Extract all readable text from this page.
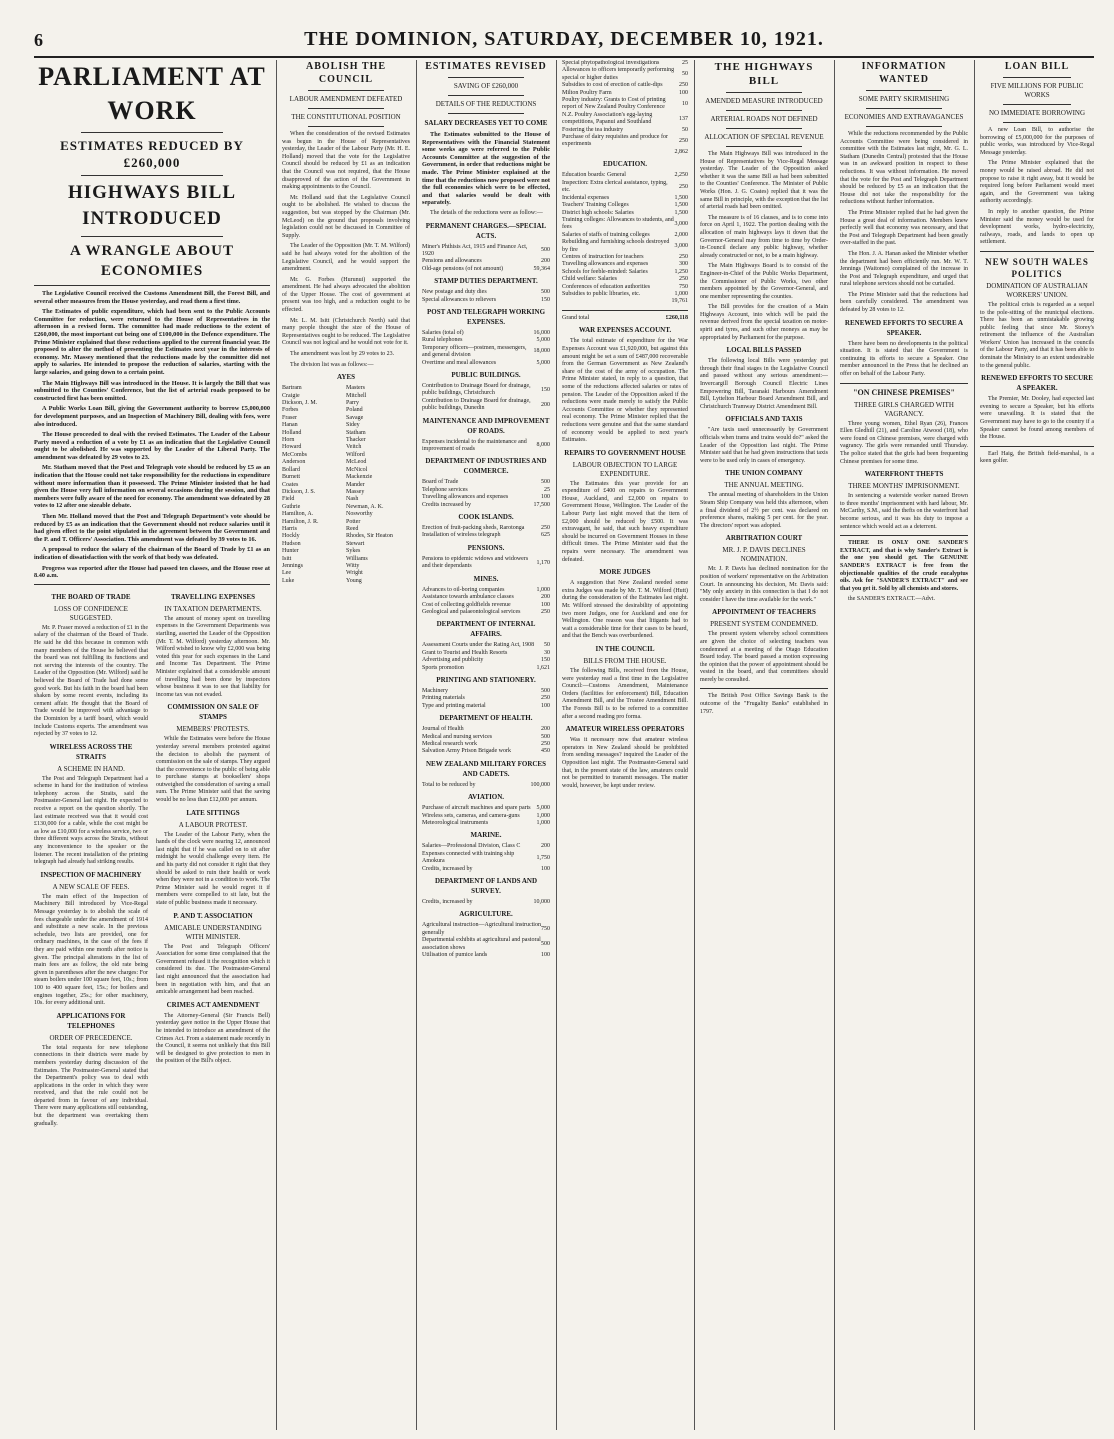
6	THE DOMINION, SATURDAY, DECEMBER 10, 1921.
PARLIAMENT AT WORK
ESTIMATES REDUCED BY £260,000
HIGHWAYS BILL INTRODUCED
A WRANGLE ABOUT ECONOMIES

The Legislative Council received the Customs Amendment Bill, the Forest Bill, and several other measures from the House yesterday, and read them a first time.

The Estimates of public expenditure, which had been sent to the Public Accounts Committee for reduction, were returned to the House of Representatives in the afternoon in a revised form. The committee had made reductions to the extent of £260,000, the most important cut being one of £100,000 in the Defence expenditure. The Prime Minister explained that these reductions applied to the current financial year. He proposed to alter the method of presenting the Estimates next year in the interests of economy. Mr. Massey mentioned that the reductions made by the committee did not apply to salaries. He intended to propose the reduction of salaries, starting with the large salaries, and going down to a certain point.

The Main Highways Bill was introduced in the House. It is largely the Bill that was submitted to the Counties' Conference, but the list of arterial roads proposed to be constructed first has been omitted.

A Public Works Loan Bill, giving the Government authority to borrow £5,000,000 for development purposes, and an Inspection of Machinery Bill, dealing with fees, were also introduced.

The House proceeded to deal with the revised Estimates. The Leader of the Labour Party moved a reduction of a vote by £1 as an indication that the Legislative Council ought to be abolished. He was supported by the Leader of the Liberal Party. The amendment was defeated by 29 votes to 23.

Mr. Statham moved that the Post and Telegraph vote should be reduced by £5 as an indication that the House could not take responsibility for the reductions in expenditure without more information than it possessed. The Prime Minister insisted that he had given the House very full information on several occasions during the session, and that members were fully aware of the need for economy. The amendment was defeated by 28 votes to 12 after one sizeable debate.

Then Mr. Holland moved that the Post and Telegraph Department's vote should be reduced by £5 as an indication that the Government should not reduce salaries until it had given effect to the point stipulated in the agreement between the Government and the P. and T. Officers' Association. This amendment was defeated by 39 votes to 16.

A proposal to reduce the salary of the chairman of the Board of Trade by £1 as an indication of dissatisfaction with the work of that body was defeated.

Progress was reported after the House had passed ten classes, and the House rose at 8.40 a.m.

THE BOARD OF TRADE
LOSS OF CONFIDENCE SUGGESTED.

Mr. P. Fraser moved a reduction of £1 in the salary of the chairman of the Board of Trade. He said he did this because in common with many members of the House he believed that the board was not fulfilling its functions and not serving the interests of the country. The Leader of the Opposition (Mr. Wilford) said he believed the Board of Trade had done some good work. But his faith in the board had been shaken by some recent events, including its cement affair. He thought that the Board of Trade would be improved with advantage to the Dominion by a tariff board, which would include Customs experts. The amendment was rejected by 37 votes to 12.

WIRELESS ACROSS THE STRAITS
A SCHEME IN HAND.

The Post and Telegraph Department had a scheme in hand for the institution of wireless telephony across the Straits, said the Postmaster-General last night. He expected to receive a report on the question shortly. The last estimate received was that it would cost £130,000 for a cable, while the cost might be as low as £10,000 for a wireless service, two or three different ways across the Straits, without any inconvenience to the speaker or the listener. The recent installation of the printing telegraph had already had striking results.

INSPECTION OF MACHINERY
A NEW SCALE OF FEES.

The main effect of the Inspection of Machinery Bill introduced by Vice-Regal Message yesterday is to abolish the scale of fees chargeable under the amendment of 1914 and substitute a new scale. In the previous schedule, two lists are provided, one for ordinary machines, in the case of the fees if they are paid within one month after notice is given. The principal alterations in the list of main fees are as follow, the old rate being given in parentheses after the new charges: For steam boilers under 100 square feet, 10s.; from 100 to 400 square feet, 15s.; for boilers and engines together, 25s.; for other machinery, 10s. for every additional unit.

APPLICATIONS FOR TELEPHONES
ORDER OF PRECEDENCE.

The total requests for new telephone connections in their districts were made by members yesterday during discussion of the Estimates. The Postmaster-General stated that the Department's policy was to deal with applications in the order in which they were received, and that the rule could not be departed from in favour of any individual. There were many applications still outstanding, but the department was overtaking them gradually.

TRAVELLING EXPENSES
IN TAXATION DEPARTMENTS.

The amount of money spent on travelling expenses in the Government Departments was startling, asserted the Leader of the Opposition (Mr. T. M. Wilford) yesterday afternoon. Mr. Wilford wished to know why £2,000 was being voted this year for such expenses in the Land and Income Tax Department. The Prime Minister explained that a considerable amount of travelling had been done by inspectors whose business it was to see that liability for income tax was not evaded.

COMMISSION ON SALE OF STAMPS
MEMBERS' PROTESTS.

While the Estimates were before the House yesterday several members protested against the decision to abolish the payment of commission on the sale of stamps. They argued that the convenience to the public of being able to purchase stamps at booksellers' shops outweighed the consideration of saving a small sum. The Prime Minister said that the saving would be no less than £12,000 per annum.

LATE SITTINGS
A LABOUR PROTEST.

The Leader of the Labour Party, when the hands of the clock were nearing 12, announced last night that if he was called on to sit after midnight he would challenge every item. He and his party did not consider it right that they should be asked to ruin their health or work when they were not in a condition to work. The Prime Minister said he would regret it if members were compelled to sit late, but the state of public business made it necessary.

P. AND T. ASSOCIATION
AMICABLE UNDERSTANDING WITH MINISTER.

The Post and Telegraph Officers' Association for some time complained that the Government refused it the recognition which it considered its due. The Postmaster-General last night announced that the association had been in negotiation with him, and that an amicable arrangement had been reached.

CRIMES ACT AMENDMENT

The Attorney-General (Sir Francis Bell) yesterday gave notice in the Upper House that he intended to introduce an amendment of the Crimes Act. From a statement made recently in the Council, it seems not unlikely that this Bill will be designed to give protection to men in the position of the Bill's object.

ABOLISH THE COUNCIL
LABOUR AMENDMENT DEFEATED
THE CONSTITUTIONAL POSITION

When the consideration of the revised Estimates was begun in the House of Representatives yesterday, the Leader of the Labour Party (Mr. H. E. Holland) moved that the vote for the Legislative Council should be reduced by £1 as an indication that the Council was not required, that the House disapproved of the action of the Government in making appointments to the Council.

Mr. Holland said that the Legislative Council ought to be abolished. He wished to discuss the suggestion, but was stopped by the Chairman (Mr. McLeod) on the ground that proposals involving legislation could not be discussed in Committee of Supply.

The Leader of the Opposition (Mr. T. M. Wilford) said he had always voted for the abolition of the Legislative Council, and he would support the amendment.

Mr. G. Forbes (Hurunui) supported the amendment. He had always advocated the abolition of the Upper House. The cost of government at present was too high, and a reduction ought to be effected.

Mr. L. M. Isitt (Christchurch North) said that many people thought the size of the House of Representatives ought to be reduced. The Legislative Council was not logical and he would not vote for it.

The amendment was lost by 29 votes to 23.

The division list was as follows:—

AYES
Bartram	Masters
Craigie	Mitchell
Dickson, J. M.	Parry
Forbes	Poland
Fraser	Savage
Hanan	Sidey
Holland	Statham
Horn	Thacker
Howard	Veitch
McCombs	Wilford
Anderson	McLeod
Bollard	McNicol
Burnett	Mackenzie
Coates	Mander
Dickson, J. S.	Massey
Field	Nash
Guthrie	Newman, A. K.
Hamilton, A.	Nosworthy
Hamilton, J. R.	Potter
Harris	Reed
Hockly	Rhodes, Sir Heaton
Hudson	Stewart
Hunter	Sykes
Isitt	Williams
Jennings	Witty
Lee	Wright
Luke	Young
ESTIMATES REVISED
SAVING OF £260,000
DETAILS OF THE REDUCTIONS
SALARY DECREASES YET TO COME

The Estimates submitted to the House of Representatives with the Financial Statement some weeks ago were referred to the Public Accounts Committee at the suggestion of the Government, in order that reductions might be made. The Prime Minister explained at the time that the reductions now proposed were not the full economies which were to be effected, and that salaries would be dealt with separately.

The details of the reductions were as follow:—

PERMANENT CHARGES.—SPECIAL ACTS.
Miner's Phthisis Act, 1915 and Finance Act, 1920	500
Pensions and allowances	200
Old-age pensions (of not amount)	59,364
STAMP DUTIES DEPARTMENT.
New postage and duty dies	500
Special allowances to relievers	150
POST AND TELEGRAPH WORKING EXPENSES.
Salaries (total of)	16,000
Rural telephones	5,000
Temporary officers—postmen, messengers, and general division	18,000
Overtime and meal allowances	5,000
PUBLIC BUILDINGS.
Contribution to Drainage Board for drainage, public buildings, Christchurch	150
Contribution to Drainage Board for drainage, public buildings, Dunedin	200
MAINTENANCE AND IMPROVEMENT OF ROADS.
Expenses incidental to the maintenance and improvement of roads	8,000
DEPARTMENT OF INDUSTRIES AND COMMERCE.
Board of Trade	500
Telephone services	25
Travelling allowances and expenses	100
Credits increased by	17,500
COOK ISLANDS.
Erection of fruit-packing sheds, Rarotonga	250
Installation of wireless telegraph	625
PENSIONS.
Pensions to epidemic widows and widowers and their dependants	1,170
MINES.
Advances to oil-boring companies	1,000
Assistance towards ambulance classes	200
Cost of collecting goldfields revenue	100
Geological and palaeontological services	250
DEPARTMENT OF INTERNAL AFFAIRS.
Assessment Courts under the Rating Act, 1908	50
Grant to Tourist and Health Resorts	30
Advertising and publicity	150
Sports promotion	1,621
PRINTING AND STATIONERY.
Machinery	500
Printing materials	250
Type and printing material	100
DEPARTMENT OF HEALTH.
Journal of Health	200
Medical and nursing services	500
Medical research work	250
Salvation Army Prison Brigade work	450
NEW ZEALAND MILITARY FORCES AND CADETS.
Total to be reduced by	100,000
AVIATION.
Purchase of aircraft machines and spare parts	5,000
Wireless sets, cameras, and camera-guns	1,000
Meteorological instruments	1,000
MARINE.
Salaries—Professional Division, Class C	200
Expenses connected with training ship Amokura	1,750
Credits, increased by	100
DEPARTMENT OF LANDS AND SURVEY.
Credits, increased by	10,000
AGRICULTURE.
Agricultural instruction—Agricultural instruction generally	750
Departmental exhibits at agricultural and pastoral association shows	500
Utilisation of pumice lands	100
Special phytopathological investigations	25
Allowances to officers temporarily performing special or higher duties	50
Subsidies to cost of erection of cattle-dips	250
Milton Poultry Farm	100
Poultry industry: Grants to Cost of printing report of New Zealand Poultry Conference	10
N.Z. Poultry Association's egg-laying competitions, Papanui and Southland	137
Fostering the tea industry	50
Purchase of dairy requisites and produce for experiments	250
2,862
EDUCATION.
Education boards: General	2,250
Inspection: Extra clerical assistance, typing, etc.	250
Incidental expenses	1,500
Teachers' Training Colleges	1,500
District high schools: Salaries	1,500
Training colleges: Allowances to students, and fees	3,000
Salaries of staffs of training colleges	2,000
Rebuilding and furnishing schools destroyed by fire	3,000
Centres of instruction for teachers	250
Travelling allowances and expenses	300
Schools for feeble-minded: Salaries	1,250
Child welfare: Salaries	250
Conferences of education authorities	750
Subsidies to public libraries, etc.	1,000
19,761
Grand total	£260,118
WAR EXPENSES ACCOUNT.

The total estimate of expenditure for the War Expenses Account was £1,920,000, but against this amount might be set a sum of £487,000 recoverable from the German Government as New Zealand's share of the cost of the army of occupation. The Prime Minister stated, in reply to a question, that some of the reductions affected salaries or rates of pension. The Leader of the Opposition asked if the reductions were made merely to satisfy the Public Accounts Committee or whether they represented real economy. The Prime Minister replied that the reductions were genuine and that the same standard of economy would be applied to next year's Estimates.

REPAIRS TO GOVERNMENT HOUSE
LABOUR OBJECTION TO LARGE EXPENDITURE.

The Estimates this year provide for an expenditure of £400 on repairs to Government House, Auckland, and £2,000 on repairs to Government House, Wellington. The Leader of the Labour Party last night moved that the item of £2,000 should be reduced by £500. It was extravagant, he said, that such heavy expenditure should be incurred on Government Houses in these difficult times. The Prime Minister said that the repairs were necessary. The amendment was defeated.

MORE JUDGES

A suggestion that New Zealand needed some extra Judges was made by Mr. T. M. Wilford (Hutt) during the consideration of the Estimates last night. Mr. Wilford stressed the desirability of appointing two more Judges, one for Auckland and one for Wellington. One reason was that litigants had to wait a considerable time for their cases to be heard, and that the Bench was overburdened.

IN THE COUNCIL
BILLS FROM THE HOUSE.

The following Bills, received from the House, were yesterday read a first time in the Legislative Council:—Customs Amendment, Maintenance Orders (facilities for enforcement) Bill, Education Amendment Bill, and the Trustee Amendment Bill. The Forests Bill is to be referred to a committee after a second reading pro forma.

AMATEUR WIRELESS OPERATORS

Was it necessary now that amateur wireless operators in New Zealand should be prohibited from sending messages? inquired the Leader of the Opposition last night. The Postmaster-General said that, in the present state of the law, amateurs could not be permitted to transmit messages. The matter would, however, be kept under review.

THE HIGHWAYS BILL
AMENDED MEASURE INTRODUCED
ARTERIAL ROADS NOT DEFINED
ALLOCATION OF SPECIAL REVENUE

The Main Highways Bill was introduced in the House of Representatives by Vice-Regal Message yesterday. The Leader of the Opposition asked whether it was the same Bill as had been submitted to the Counties' Conference. The Minister of Public Works (Hon. J. G. Coates) replied that it was the same Bill in principle, with the exception that the list of arterial roads had been omitted.

The measure is of 16 clauses, and is to come into force on April 1, 1922. The portion dealing with the allocation of main highways lays it down that the Governor-General may from time to time by Order-in-Council declare any public highway, whether already constructed or not, to be a main highway.

The Main Highways Board is to consist of the Engineer-in-Chief of the Public Works Department, the Commissioner of Public Works, two other members appointed by the Governor-General, and one member representing the counties.

The Bill provides for the creation of a Main Highways Account, into which will be paid the revenue derived from the special taxation on motor-spirit and tyres, and such other moneys as may be appropriated by Parliament for the purpose.

LOCAL BILLS PASSED

The following local Bills were yesterday put through their final stages in the Legislative Council and passed without any serious amendment:—Invercargill Borough Council Electric Lines Empowering Bill, Taranaki Harbours Amendment Bill, Lyttelton Harbour Board Amendment Bill, and Christchurch Tramway District Amendment Bill.

OFFICIALS AND TAXIS

"Are taxis used unnecessarily by Government officials when trams and trains would do?" asked the Leader of the Opposition last night. The Prime Minister said that he had given instructions that taxis were to be used only in cases of emergency.

THE UNION COMPANY
THE ANNUAL MEETING.

The annual meeting of shareholders in the Union Steam Ship Company was held this afternoon, when a final dividend of 2½ per cent. was declared on preference shares, making 5 per cent. for the year. The directors' report was adopted.

ARBITRATION COURT
MR. J. P. DAVIS DECLINES NOMINATION.

Mr. J. P. Davis has declined nomination for the position of workers' representative on the Arbitration Court. In announcing his decision, Mr. Davis said: "My only anxiety in this connection is that I do not consider I have the time available for the work."

APPOINTMENT OF TEACHERS
PRESENT SYSTEM CONDEMNED.

The present system whereby school committees are given the choice of selecting teachers was condemned at a meeting of the Otago Education Board today. The board passed a motion expressing the opinion that the power of appointment should be vested in the board, and that committees should merely be consulted.

The British Post Office Savings Bank is the outcome of the "Frugality Banks" established in 1797.

INFORMATION WANTED
SOME PARTY SKIRMISHING
ECONOMIES AND EXTRAVAGANCES

While the reductions recommended by the Public Accounts Committee were being considered in committee with the Estimates last night, Mr. G. L. Statham (Dunedin Central) protested that the House was in an awkward position in respect to these reductions. It was without information. He moved that the vote for the Post and Telegraph Department should be reduced by £5 as an indication that the House did not take the responsibility for the reductions without further information.

The Prime Minister replied that he had given the House a great deal of information. Members knew perfectly well that economy was necessary, and that the Post and Telegraph Department had been greatly over-staffed in the past.

The Hon. J. A. Hanan asked the Minister whether the department had been efficiently run. Mr. W. T. Jennings (Waitomo) complained of the increase in the Post and Telegraph expenditure, and urged that rural telephone services should not be curtailed.

The Prime Minister said that the reductions had been carefully considered. The amendment was defeated by 28 votes to 12.

RENEWED EFFORTS TO SECURE A SPEAKER.

There have been no developments in the political situation. It is stated that the Government is continuing its efforts to secure a Speaker. One member announced in the Press that he declined an offer on behalf of the Labour Party.

"ON CHINESE PREMISES"
THREE GIRLS CHARGED WITH VAGRANCY.

Three young women, Ethel Ryan (26), Frances Ellen Gledhill (21), and Caroline Atwood (18), who were found on Chinese premises, were charged with vagrancy. The girls were remanded until Thursday. The police stated that the girls had been frequenting Chinese premises for some time.

WATERFRONT THEFTS
THREE MONTHS' IMPRISONMENT.

In sentencing a waterside worker named Brown to three months' imprisonment with hard labour, Mr. McCarthy, S.M., said the thefts on the waterfront had become serious, and it was his duty to impose a sentence which would act as a deterrent.

THERE IS ONLY ONE SANDER'S EXTRACT, and that is why Sander's Extract is the one you should get. The GENUINE SANDER'S EXTRACT is free from the objectionable qualities of the crude eucalyptus oils. Ask for "SANDER'S EXTRACT" and see that you get it. Sold by all chemists and stores.

the SANDER'S EXTRACT.—Advt.

LOAN BILL
FIVE MILLIONS FOR PUBLIC WORKS
NO IMMEDIATE BORROWING

A new Loan Bill, to authorise the borrowing of £5,000,000 for the purposes of public works, was introduced by Vice-Regal Message yesterday.

The Prime Minister explained that the money would be raised abroad. He did not propose to raise it right away, but it would be required long before Parliament would meet again, and the Government was taking authority accordingly.

In reply to another question, the Prime Minister said the money would be used for development works, hydro-electricity, railways, roads, and lands to open up settlement.

NEW SOUTH WALES POLITICS
DOMINATION OF AUSTRALIAN WORKERS' UNION.

The political crisis is regarded as a sequel to the pole-sitting of the municipal elections. There has been an unmistakable growing public feeling that since Mr. Storey's retirement the influence of the Australian Workers' Union has increased in the councils of the Labour Party, and that it has been able to dominate the Ministry to an extent undesirable to the general public.

RENEWED EFFORTS TO SECURE A SPEAKER.

The Premier, Mr. Dooley, had expected last evening to secure a Speaker, but his efforts were unavailing. It is stated that the Government may have to go to the country if a Speaker cannot be found among members of the House.

Earl Haig, the British field-marshal, is a keen golfer.
